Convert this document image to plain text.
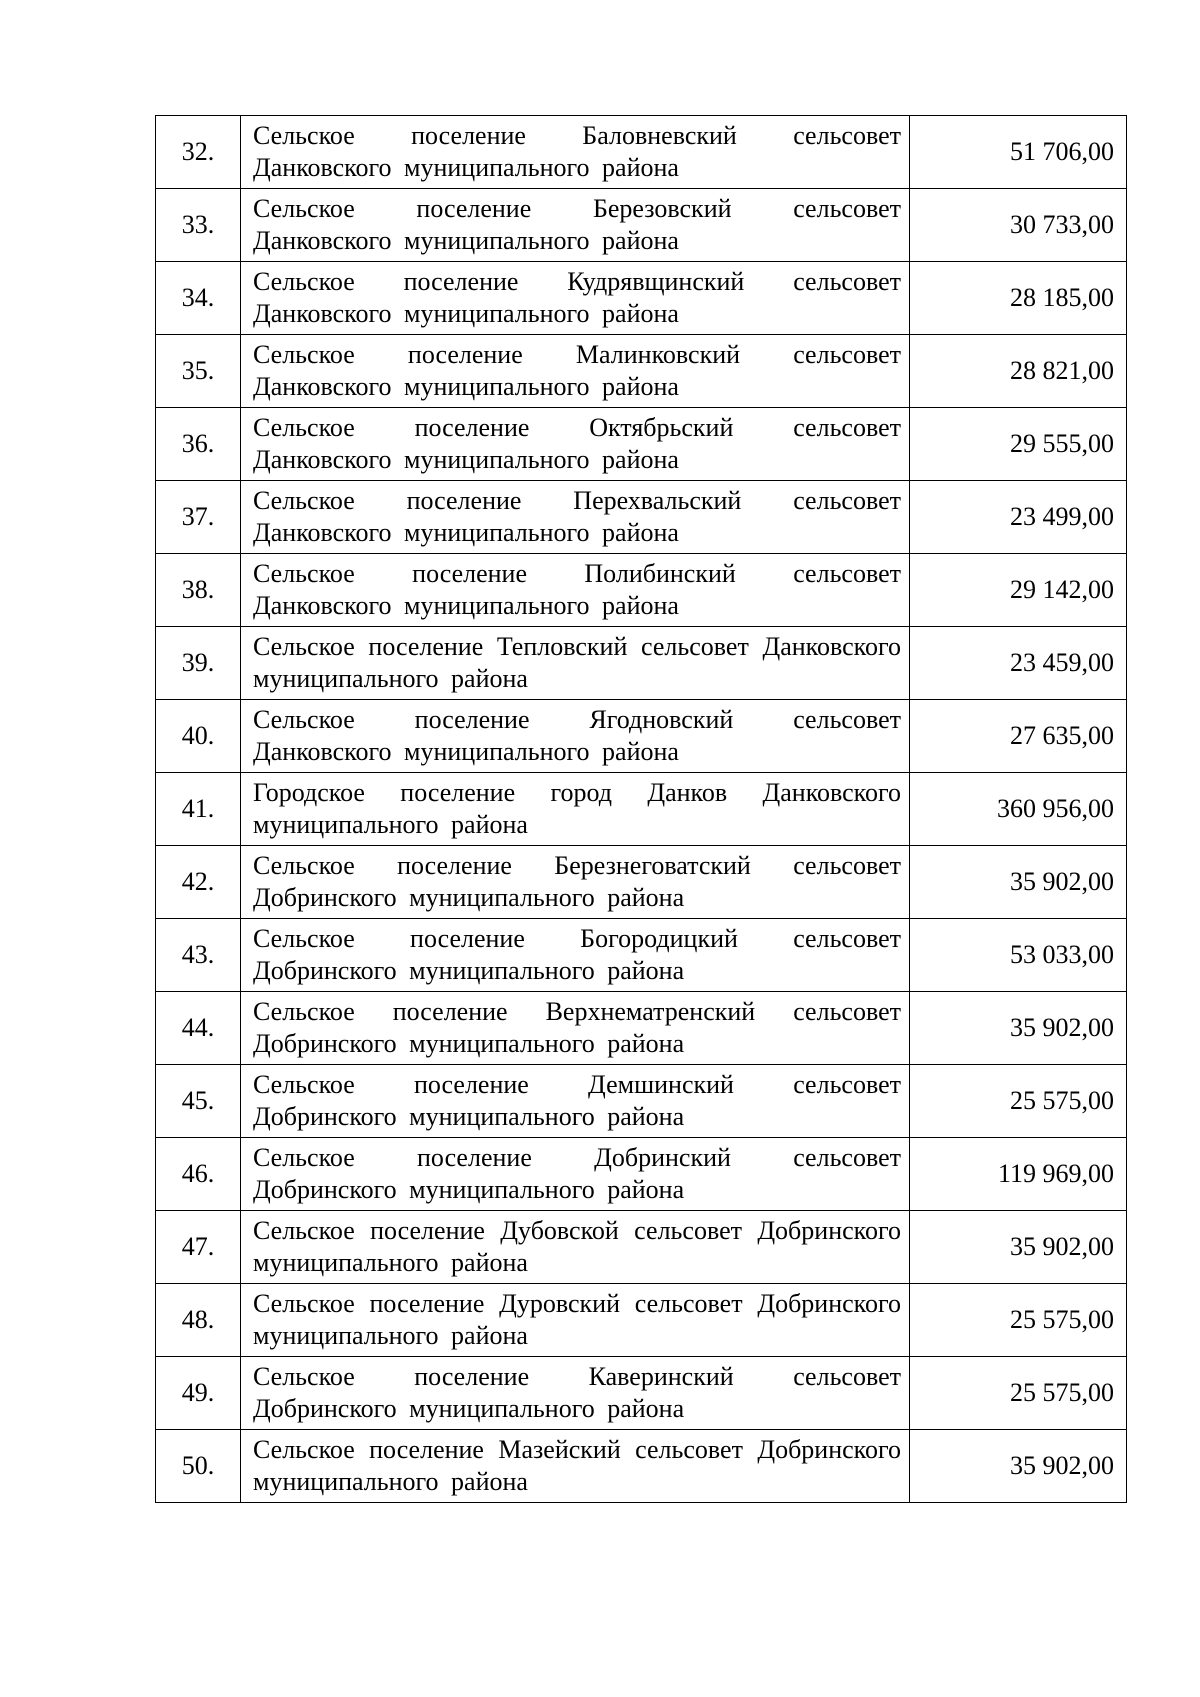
32.	Сельское поселение Баловневский сельсовет Данковского муниципального района	51 706,00
33.	Сельское поселение Березовский сельсовет Данковского муниципального района	30 733,00
34.	Сельское поселение Кудрявщинский сельсовет Данковского муниципального района	28 185,00
35.	Сельское поселение Малинковский сельсовет Данковского муниципального района	28 821,00
36.	Сельское поселение Октябрьский сельсовет Данковского муниципального района	29 555,00
37.	Сельское поселение Перехвальский сельсовет Данковского муниципального района	23 499,00
38.	Сельское поселение Полибинский сельсовет Данковского муниципального района	29 142,00
39.	Сельское поселение Тепловский сельсовет Данковского муниципального района	23 459,00
40.	Сельское поселение Ягодновский сельсовет Данковского муниципального района	27 635,00
41.	Городское поселение город Данков Данковского муниципального района	360 956,00
42.	Сельское поселение Березнеговатский сельсовет Добринского муниципального района	35 902,00
43.	Сельское поселение Богородицкий сельсовет Добринского муниципального района	53 033,00
44.	Сельское поселение Верхнематренский сельсовет Добринского муниципального района	35 902,00
45.	Сельское поселение Демшинский сельсовет Добринского муниципального района	25 575,00
46.	Сельское поселение Добринский сельсовет Добринского муниципального района	119 969,00
47.	Сельское поселение Дубовской сельсовет Добринского муниципального района	35 902,00
48.	Сельское поселение Дуровский сельсовет Добринского муниципального района	25 575,00
49.	Сельское поселение Каверинский сельсовет Добринского муниципального района	25 575,00
50.	Сельское поселение Мазейский сельсовет Добринского муниципального района	35 902,00
